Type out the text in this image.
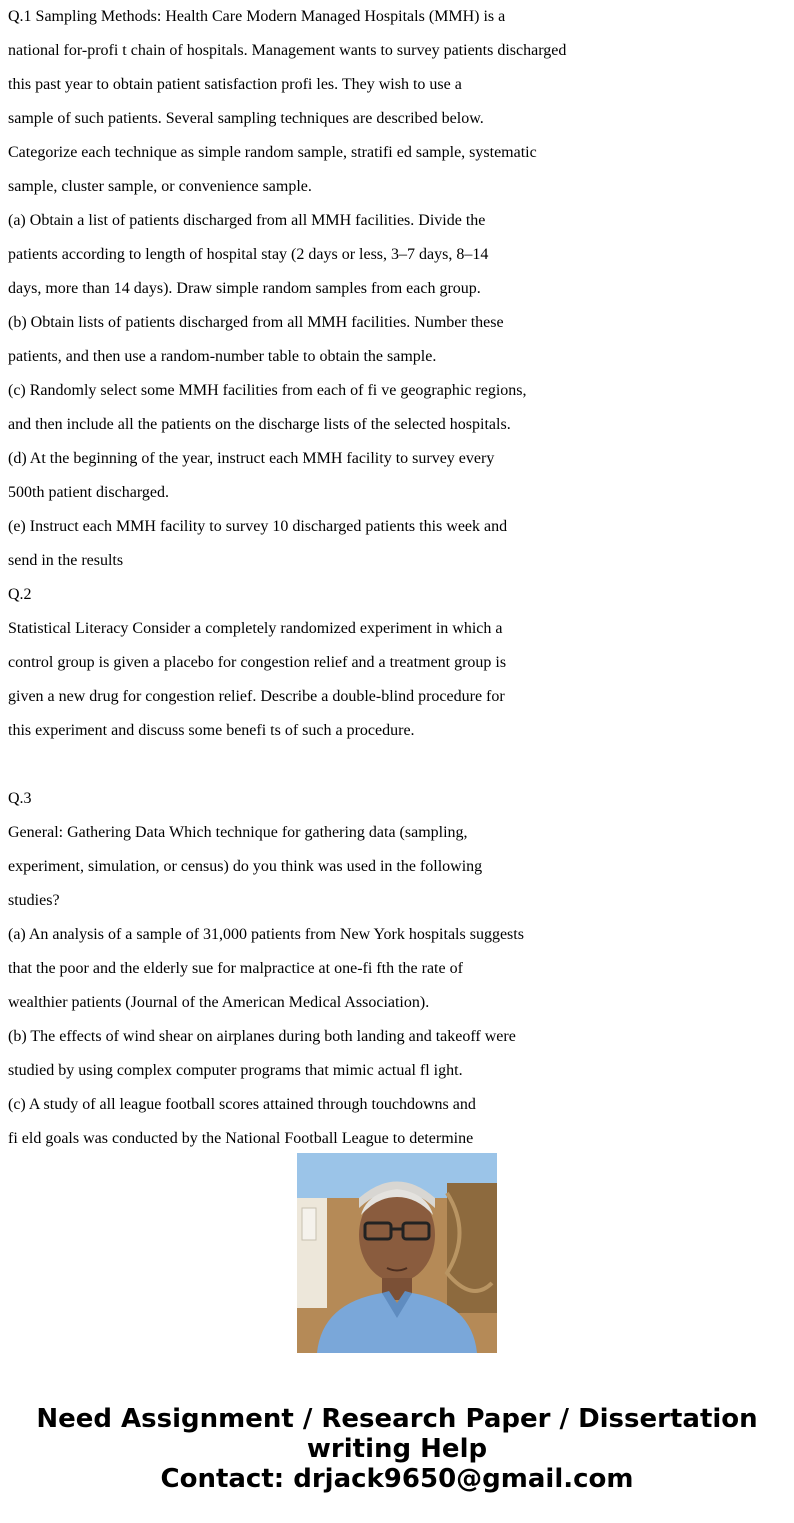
Q.1 Sampling Methods: Health Care Modern Managed Hospitals (MMH) is a
national for-profi t chain of hospitals. Management wants to survey patients discharged
this past year to obtain patient satisfaction profi les. They wish to use a
sample of such patients. Several sampling techniques are described below.
Categorize each technique as simple random sample, stratifi ed sample, systematic
sample, cluster sample, or convenience sample.
(a) Obtain a list of patients discharged from all MMH facilities. Divide the
patients according to length of hospital stay (2 days or less, 3–7 days, 8–14
days, more than 14 days). Draw simple random samples from each group.
(b) Obtain lists of patients discharged from all MMH facilities. Number these
patients, and then use a random-number table to obtain the sample.
(c) Randomly select some MMH facilities from each of fi ve geographic regions,
and then include all the patients on the discharge lists of the selected hospitals.
(d) At the beginning of the year, instruct each MMH facility to survey every
500th patient discharged.
(e) Instruct each MMH facility to survey 10 discharged patients this week and
send in the results
Q.2
Statistical Literacy Consider a completely randomized experiment in which a
control group is given a placebo for congestion relief and a treatment group is
given a new drug for congestion relief. Describe a double-blind procedure for
this experiment and discuss some benefi ts of such a procedure.
Q.3
General: Gathering Data Which technique for gathering data (sampling,
experiment, simulation, or census) do you think was used in the following
studies?
(a) An analysis of a sample of 31,000 patients from New York hospitals suggests
that the poor and the elderly sue for malpractice at one-fi fth the rate of
wealthier patients (Journal of the American Medical Association).
(b) The effects of wind shear on airplanes during both landing and takeoff were
studied by using complex computer programs that mimic actual fl ight.
(c) A study of all league football scores attained through touchdowns and
fi eld goals was conducted by the National Football League to determine
Need Assignment / Research Paper / Dissertation
writing Help
Contact: drjack9650@gmail.com
